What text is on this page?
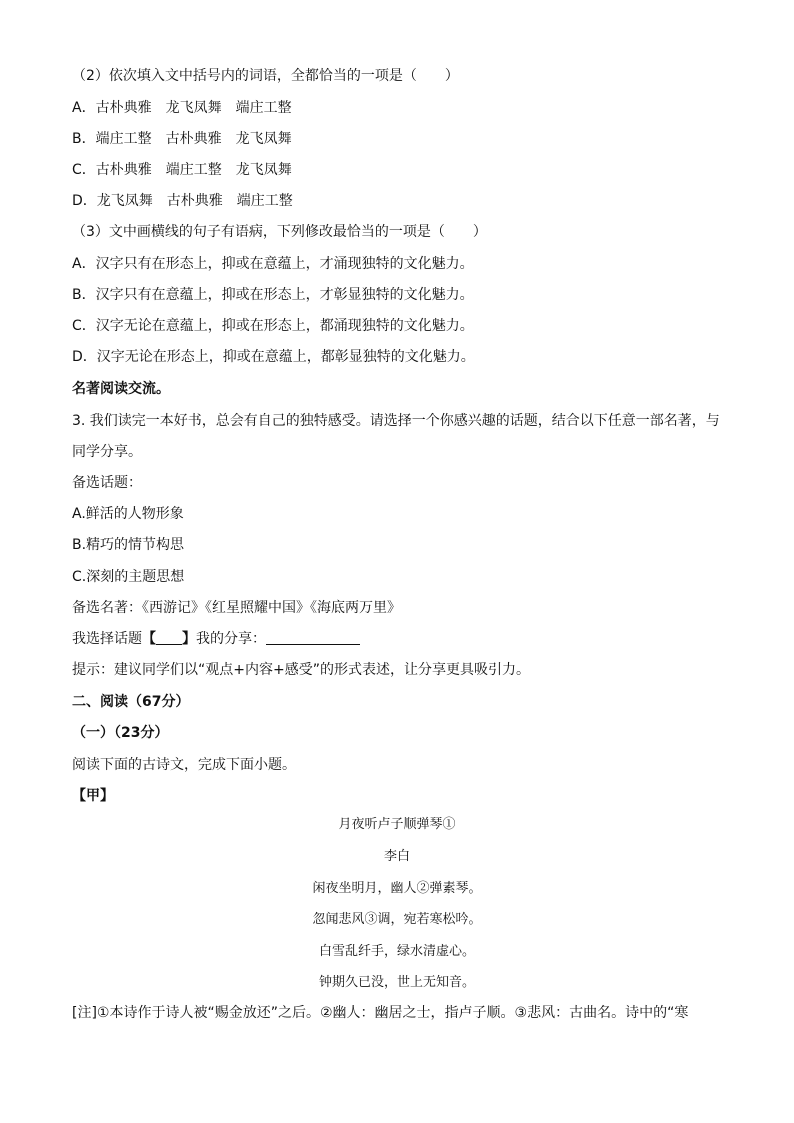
（2）依次填入文中括号内的词语，全都恰当的一项是（　　）
A．古朴典雅　龙飞凤舞　端庄工整
B．端庄工整　古朴典雅　龙飞凤舞
C．古朴典雅　端庄工整　龙飞凤舞
D．龙飞凤舞　古朴典雅　端庄工整
（3）文中画横线的句子有语病，下列修改最恰当的一项是（　　）
A．汉字只有在形态上，抑或在意蕴上，才涌现独特的文化魅力。
B．汉字只有在意蕴上，抑或在形态上，才彰显独特的文化魅力。
C．汉字无论在意蕴上，抑或在形态上，都涌现独特的文化魅力。
D．汉字无论在形态上，抑或在意蕴上，都彰显独特的文化魅力。
名著阅读交流。
3. 我们读完一本好书，总会有自己的独特感受。请选择一个你感兴趣的话题，结合以下任意一部名著，与
同学分享。
备选话题：
A.鲜活的人物形象
B.精巧的情节构思
C.深刻的主题思想
备选名著：《西游记》《红星照耀中国》《海底两万里》
我选择话题【 】我的分享：
提示：建议同学们以“观点+内容+感受”的形式表述，让分享更具吸引力。
二、阅读（67分）
（一）（23分）
阅读下面的古诗文，完成下面小题。
【甲】
月夜听卢子顺弹琴①
李白
闲夜坐明月，幽人②弹素琴。
忽闻悲风③调，宛若寒松吟。
白雪乱纤手，绿水清虚心。
钟期久已没，世上无知音。
[注]①本诗作于诗人被“赐金放还”之后。②幽人：幽居之士，指卢子顺。③悲风：古曲名。诗中的“寒
